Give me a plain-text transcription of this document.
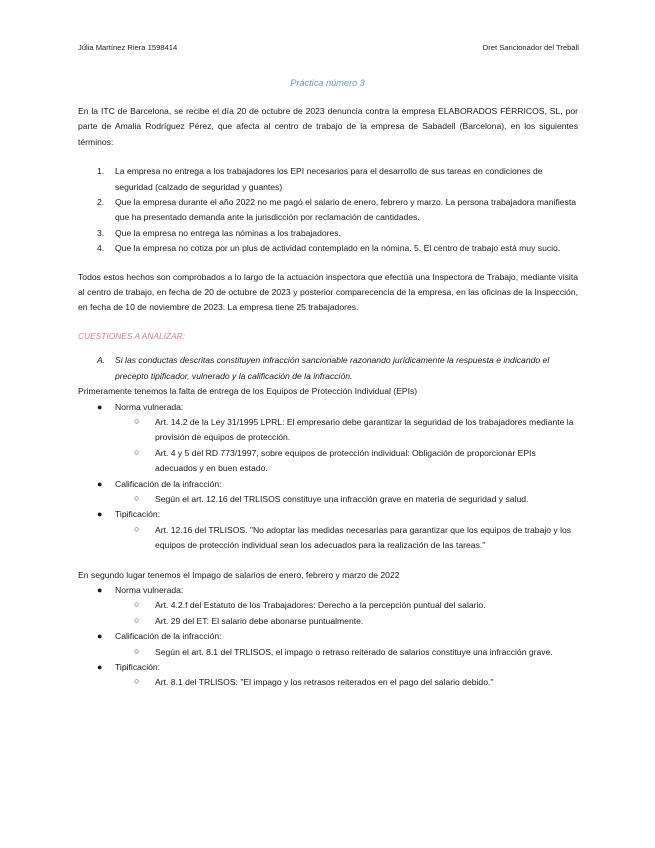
Júlia Martínez Riera 1598414	Dret Sancionador del Treball
Práctica número 3

En la ITC de Barcelona, se recibe el día 20 de octubre de 2023 denuncia contra la empresa ELABORADOS FÉRRICOS, SL, por parte de Amalia Rodríguez Pérez, que afecta al centro de trabajo de la empresa de Sabadell (Barcelona), en los siguientes términos:

1. La empresa no entrega a los trabajadores los EPI necesarios para el desarrollo de sus tareas en condiciones de seguridad (calzado de seguridad y guantes)
2. Que la empresa durante el año 2022 no me pagó el salario de enero, febrero y marzo. La persona trabajadora manifiesta que ha presentado demanda ante la jurisdicción por reclamación de cantidades.
3. Que la empresa no entrega las nóminas a los trabajadores.
4. Que la empresa no cotiza por un plus de actividad contemplado en la nómina. 5. El centro de trabajo está muy sucio.

Todos estos hechos son comprobados a lo largo de la actuación inspectora que efectúa una Inspectora de Trabajo, mediante visita al centro de trabajo, en fecha de 20 de octubre de 2023 y posterior comparecencia de la empresa, en las oficinas de la Inspección, en fecha de 10 de noviembre de 2023. La empresa tiene 25 trabajadores.

CUESTIONES A ANALIZAR:

A. Si las conductas descritas constituyen infracción sancionable razonando jurídicamente la respuesta e indicando el precepto tipificador, vulnerado y la calificación de la infracción.

Primeramente tenemos la falta de entrega de los Equipos de Protección Individual (EPIs)

● Norma vulnerada:
○ Art. 14.2 de la Ley 31/1995 LPRL: El empresario debe garantizar la seguridad de los trabajadores mediante la provisión de equipos de protección.
○ Art. 4 y 5 del RD 773/1997, sobre equipos de protección individual: Obligación de proporcionar EPIs adecuados y en buen estado.
● Calificación de la infracción:
○ Según el art. 12.16 del TRLISOS constituye una infracción grave en materia de seguridad y salud.
● Tipificación:
○ Art. 12.16 del TRLISOS. "No adoptar las medidas necesarias para garantizar que los equipos de trabajo y los equipos de protección individual sean los adecuados para la realización de las tareas."

En segundo lugar tenemos el Impago de salarios de enero, febrero y marzo de 2022

● Norma vulnerada:
○ Art. 4.2.f del Estatuto de los Trabajadores: Derecho a la percepción puntual del salario.
○ Art. 29 del ET: El salario debe abonarse puntualmente.
● Calificación de la infracción:
○ Según el art. 8.1 del TRLISOS, el impago o retraso reiterado de salarios constituye una infracción grave.
● Tipificación:
○ Art. 8.1 del TRLISOS: "El impago y los retrasos reiterados en el pago del salario debido."
